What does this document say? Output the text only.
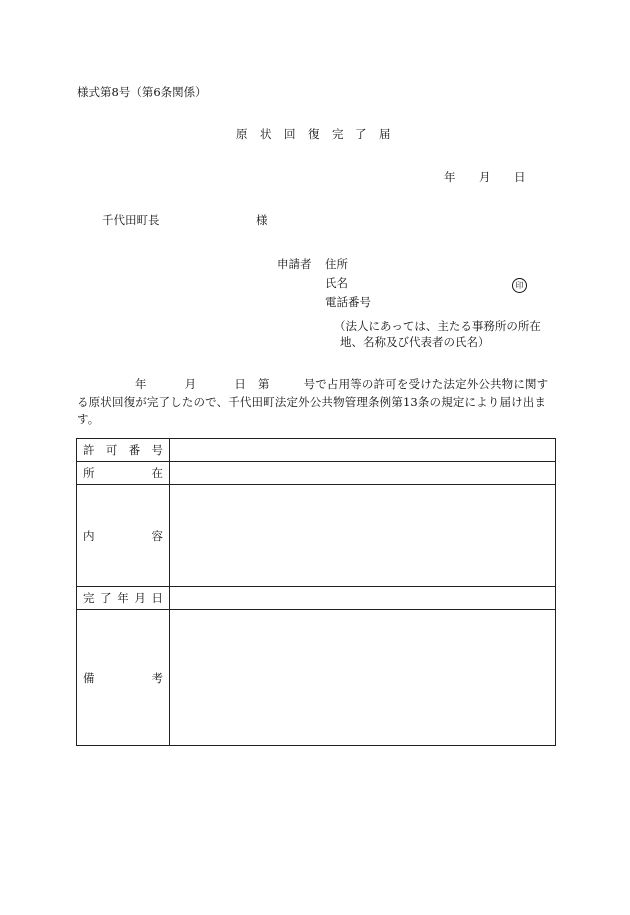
様式第8号（第6条関係）
原 状 回 復 完 了 届
年 月 日
千代田町長	様
申請者 住所
氏名	印
電話番号
（法人にあっては、主たる事務所の所在
地、名称及び代表者の氏名）
年	月	日 第	号で占用等の許可を受けた法定外公共物に関す
る原状回復が完了したので、千代田町法定外公共物管理条例第13条の規定により届け出ま
す。
許 可 番 号	

所 在	

内 容	

完 了 年 月 日	

備 考	
